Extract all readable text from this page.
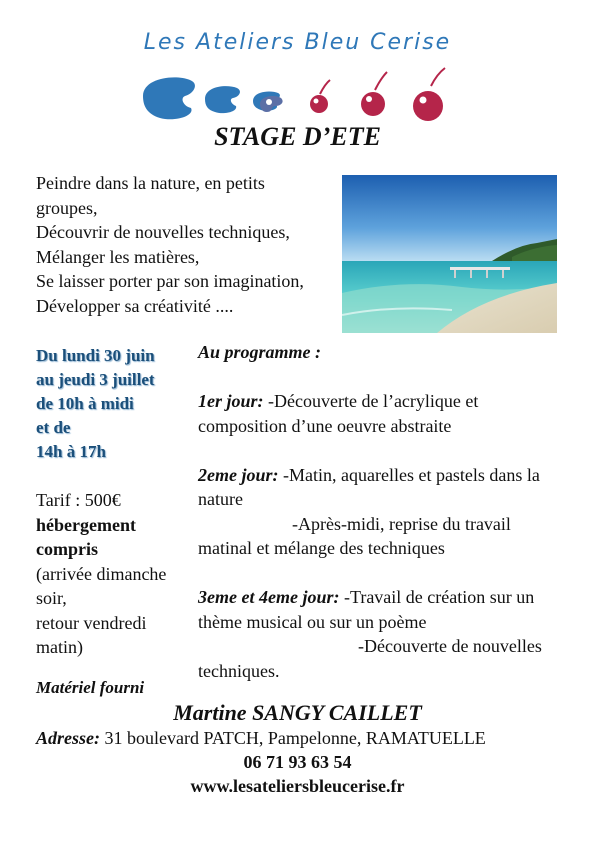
Les Ateliers Bleu Cerise
STAGE D’ETE
Peindre dans la nature, en petits
groupes,
Découvrir de nouvelles techniques,
Mélanger les matières,
Se laisser porter par son imagination,
Développer sa créativité ....
Du lundi 30 juin
au jeudi 3 juillet
de 10h à midi
et de
14h à 17h
Tarif : 500€
hébergement compris
(arrivée dimanche
soir,
retour vendredi
matin)
Au programme :
1er jour: -Découverte de l’acrylique et composition d’une oeuvre abstraite
2eme jour: -Matin, aquarelles et pastels dans la nature
-Après-midi, reprise du travail
matinal et mélange des techniques
3eme et 4eme jour: -Travail de création sur un thème musical ou sur un poème
-Découverte de nouvelles
techniques.
Matériel fourni
Martine SANGY CAILLET
Adresse: 31 boulevard PATCH, Pampelonne, RAMATUELLE
06 71 93 63 54
www.lesateliersbleucerise.fr
